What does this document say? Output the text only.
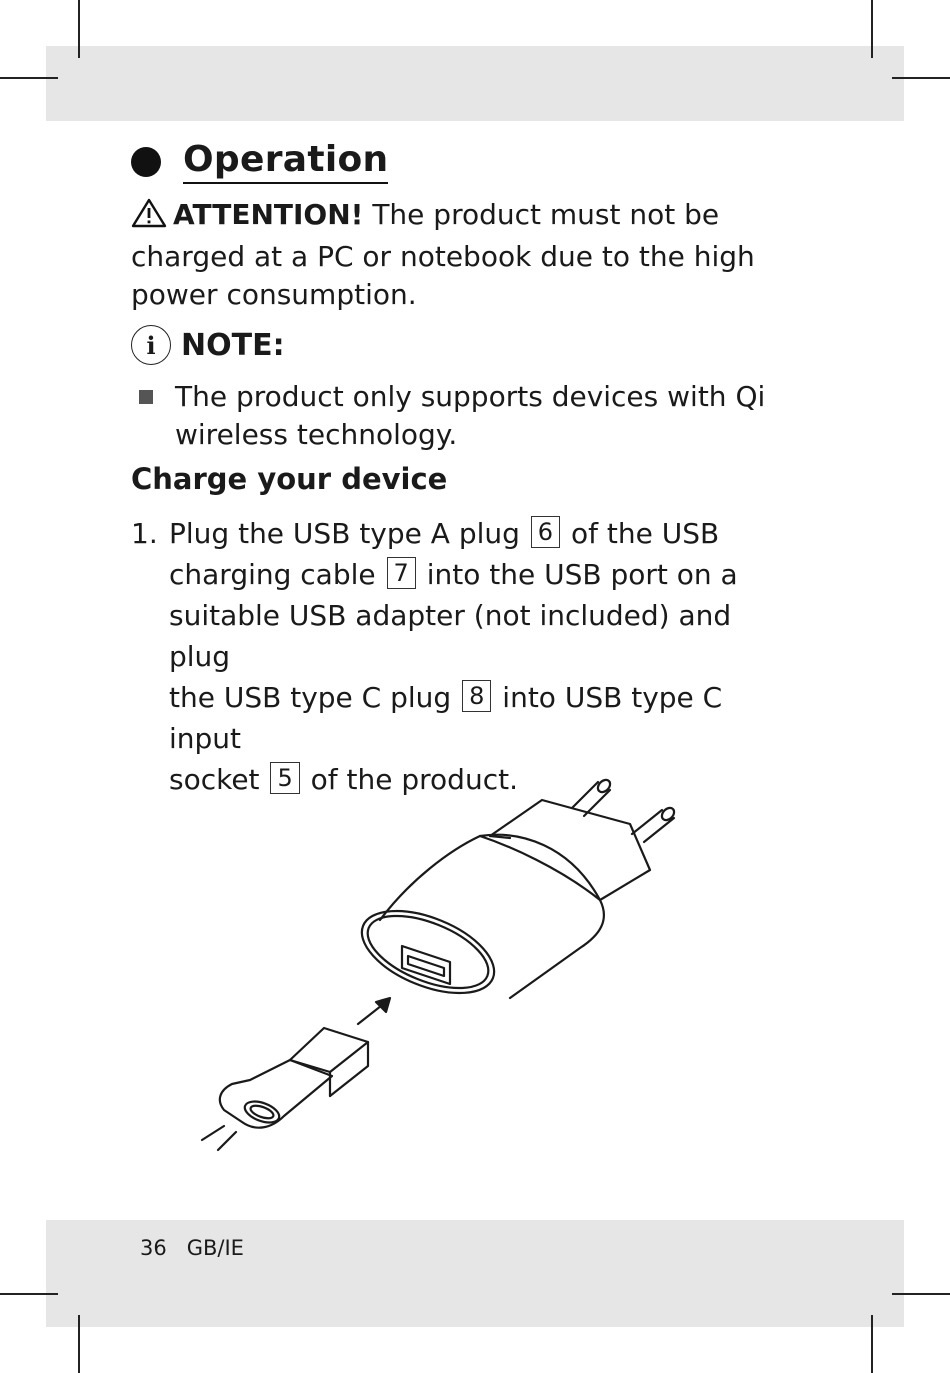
Operation
ATTENTION! The product must not be
charged at a PC or notebook due to the high
power consumption.
i NOTE:
The product only supports devices with Qi
wireless technology.
Charge your device
1. Plug the USB type A plug 6 of the USB
charging cable 7 into the USB port on a
suitable USB adapter (not included) and plug
the USB type C plug 8 into USB type C input
socket 5 of the product.
36 GB/IE
